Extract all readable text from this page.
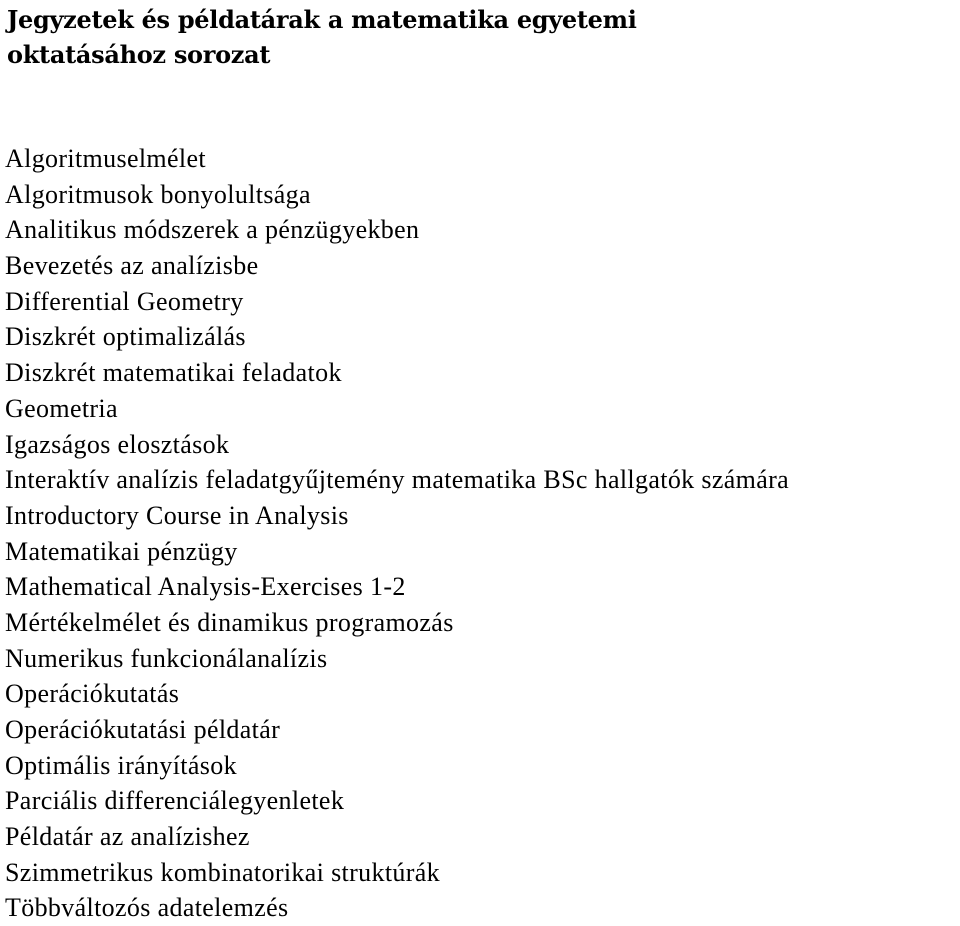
Jegyzetek és példatárak a matematika egyetemi
oktatásához sorozat
Algoritmuselmélet
Algoritmusok bonyolultsága
Analitikus módszerek a pénzügyekben
Bevezetés az analízisbe
Differential Geometry
Diszkrét optimalizálás
Diszkrét matematikai feladatok
Geometria
Igazságos elosztások
Interaktív analízis feladatgyűjtemény matematika BSc hallgatók számára
Introductory Course in Analysis
Matematikai pénzügy
Mathematical Analysis-Exercises 1-2
Mértékelmélet és dinamikus programozás
Numerikus funkcionálanalízis
Operációkutatás
Operációkutatási példatár
Optimális irányítások
Parciális differenciálegyenletek
Példatár az analízishez
Szimmetrikus kombinatorikai struktúrák
Többváltozós adatelemzés
